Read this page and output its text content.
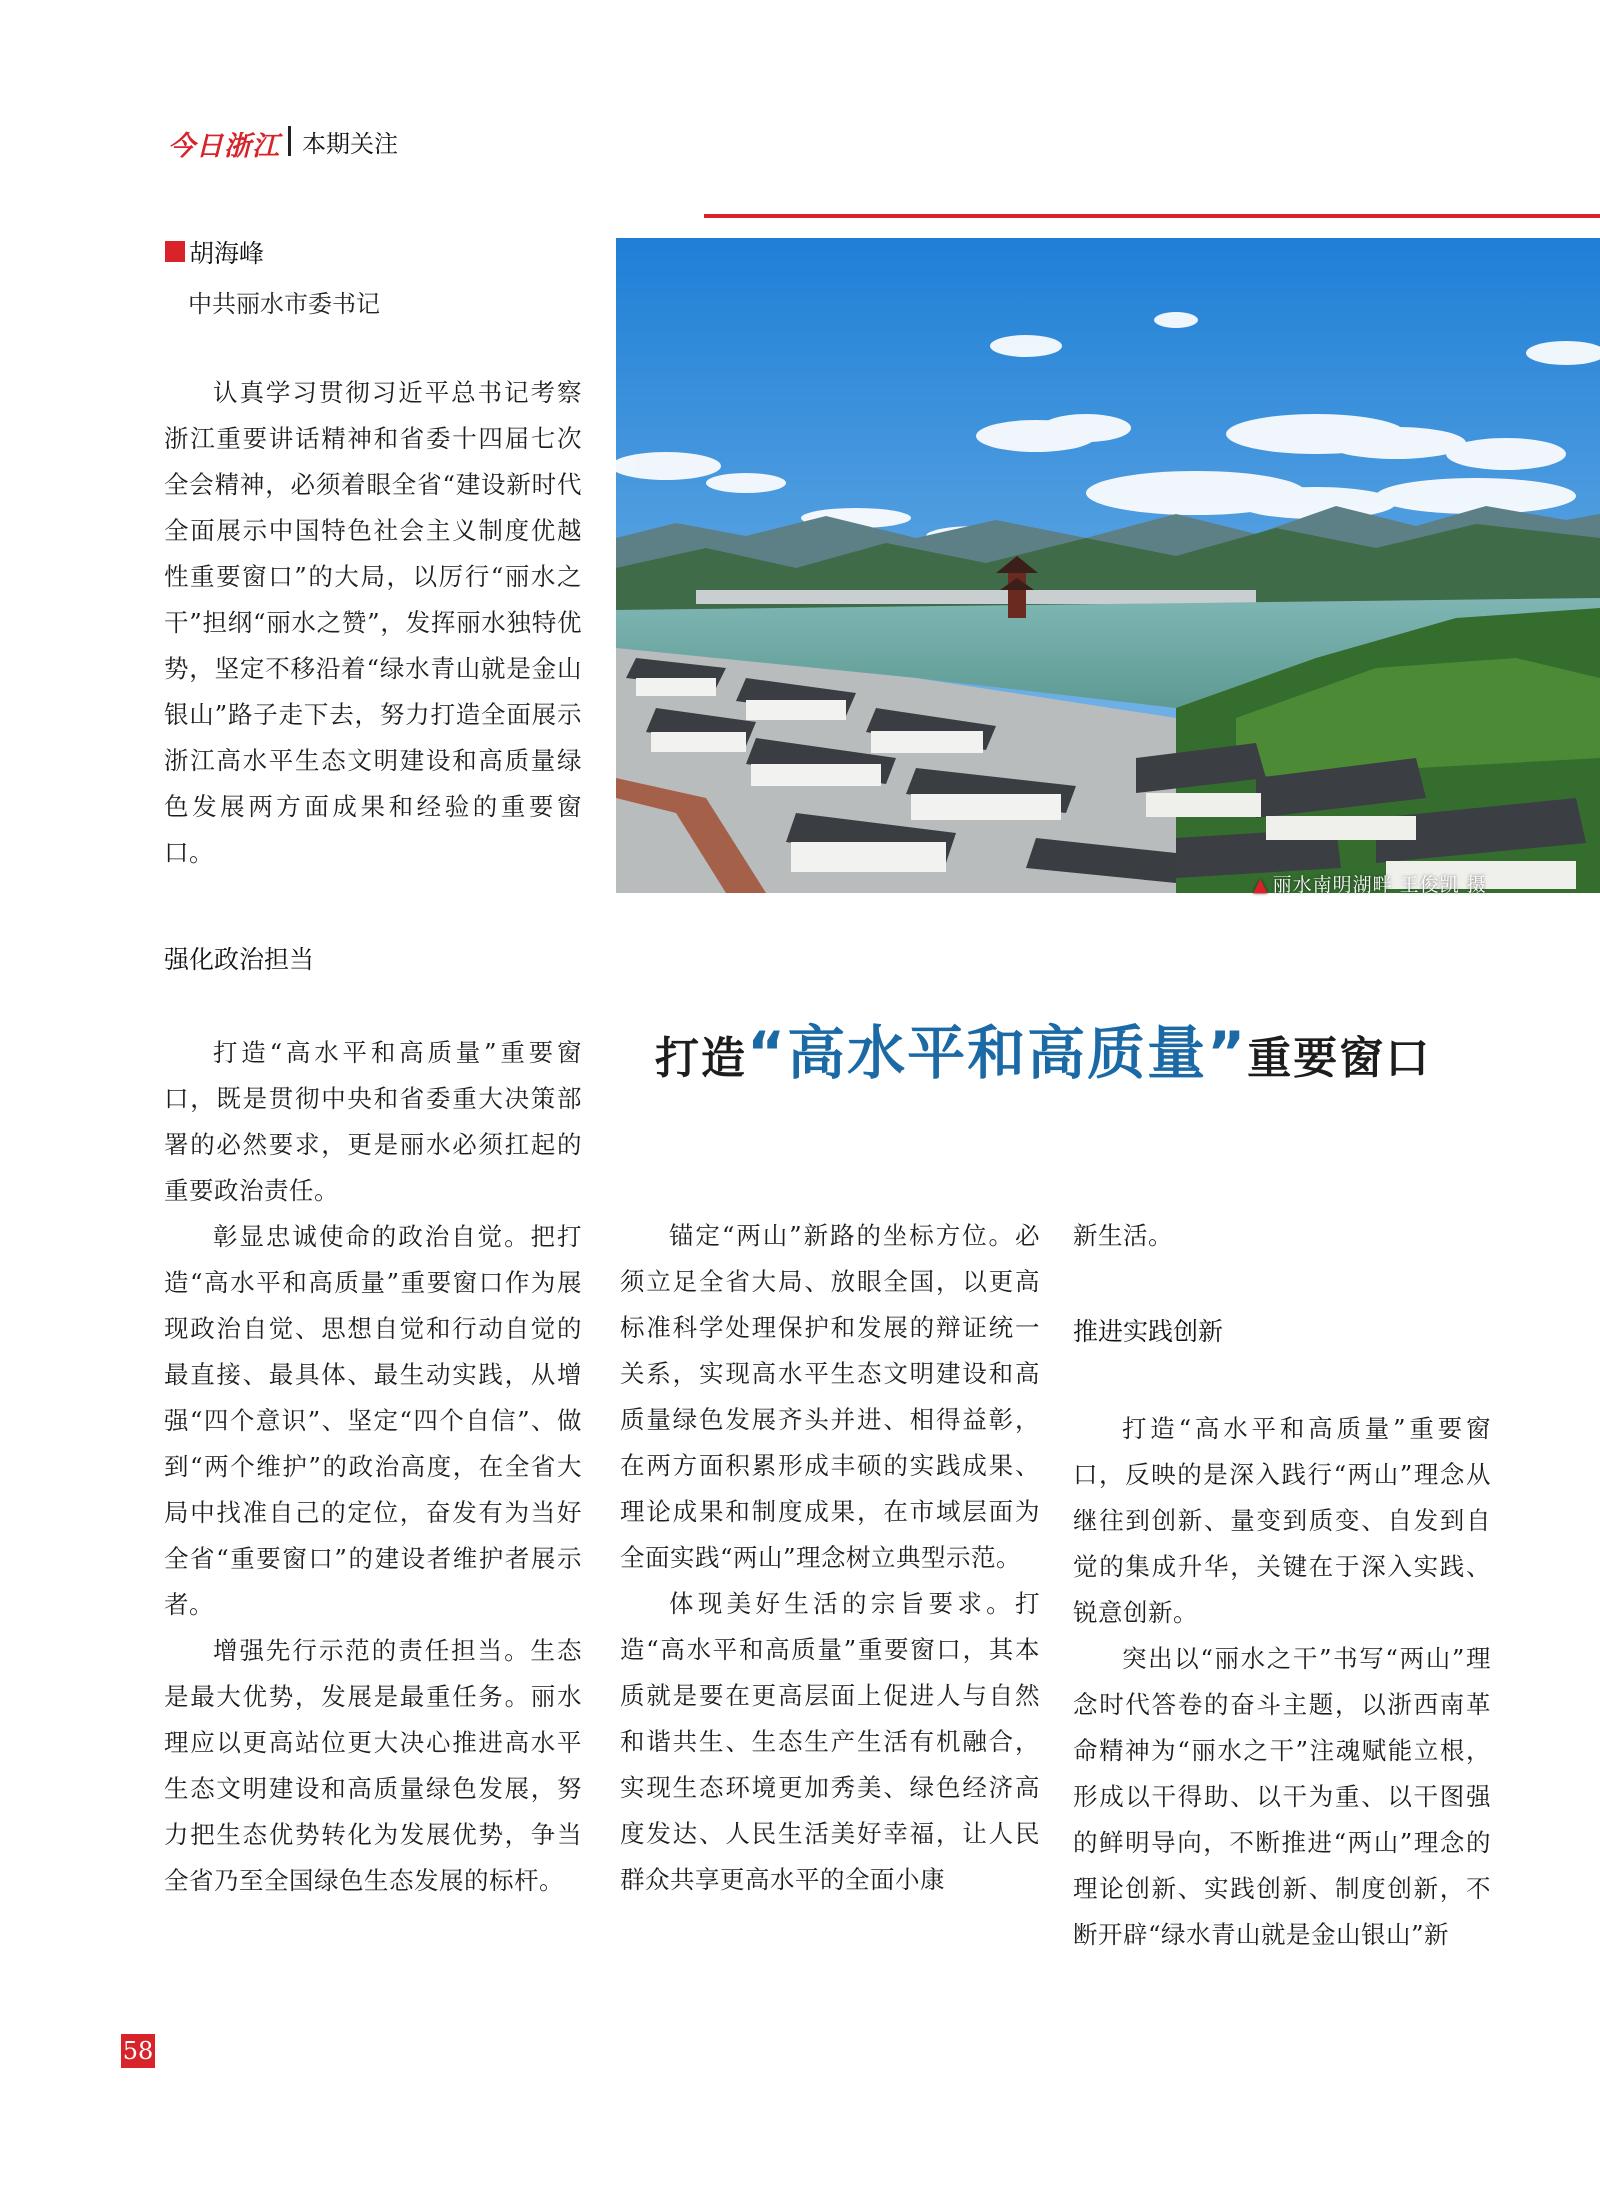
今日浙江 本期关注
胡海峰
中共丽水市委书记

认真学习贯彻习近平总书记考察浙江重要讲话精神和省委十四届七次全会精神，必须着眼全省“建设新时代全面展示中国特色社会主义制度优越性重要窗口”的大局，以厉行“丽水之干”担纲“丽水之赞”，发挥丽水独特优势，坚定不移沿着“绿水青山就是金山银山”路子走下去，努力打造全面展示浙江高水平生态文明建设和高质量绿色发展两方面成果和经验的重要窗口。

强化政治担当

打造“高水平和高质量”重要窗口，既是贯彻中央和省委重大决策部署的必然要求，更是丽水必须扛起的重要政治责任。

彰显忠诚使命的政治自觉。把打造“高水平和高质量”重要窗口作为展现政治自觉、思想自觉和行动自觉的最直接、最具体、最生动实践，从增强“四个意识”、坚定“四个自信”、做到“两个维护”的政治高度，在全省大局中找准自己的定位，奋发有为当好全省“重要窗口”的建设者维护者展示者。

增强先行示范的责任担当。生态是最大优势，发展是最重任务。丽水理应以更高站位更大决心推进高水平生态文明建设和高质量绿色发展，努力把生态优势转化为发展优势，争当全省乃至全国绿色生态发展的标杆。

▲ 丽水南明湖畔 王俊凯 摄
打造“高水平和高质量”重要窗口

锚定“两山”新路的坐标方位。必须立足全省大局、放眼全国，以更高标准科学处理保护和发展的辩证统一关系，实现高水平生态文明建设和高质量绿色发展齐头并进、相得益彰，在两方面积累形成丰硕的实践成果、理论成果和制度成果，在市域层面为全面实践“两山”理念树立典型示范。

体现美好生活的宗旨要求。打造“高水平和高质量”重要窗口，其本质就是要在更高层面上促进人与自然和谐共生、生态生产生活有机融合，实现生态环境更加秀美、绿色经济高度发达、人民生活美好幸福，让人民群众共享更高水平的全面小康

新生活。

推进实践创新

打造“高水平和高质量”重要窗口，反映的是深入践行“两山”理念从继往到创新、量变到质变、自发到自觉的集成升华，关键在于深入实践、锐意创新。

突出以“丽水之干”书写“两山”理念时代答卷的奋斗主题，以浙西南革命精神为“丽水之干”注魂赋能立根，形成以干得助、以干为重、以干图强的鲜明导向，不断推进“两山”理念的理论创新、实践创新、制度创新，不断开辟“绿水青山就是金山银山”新

58
